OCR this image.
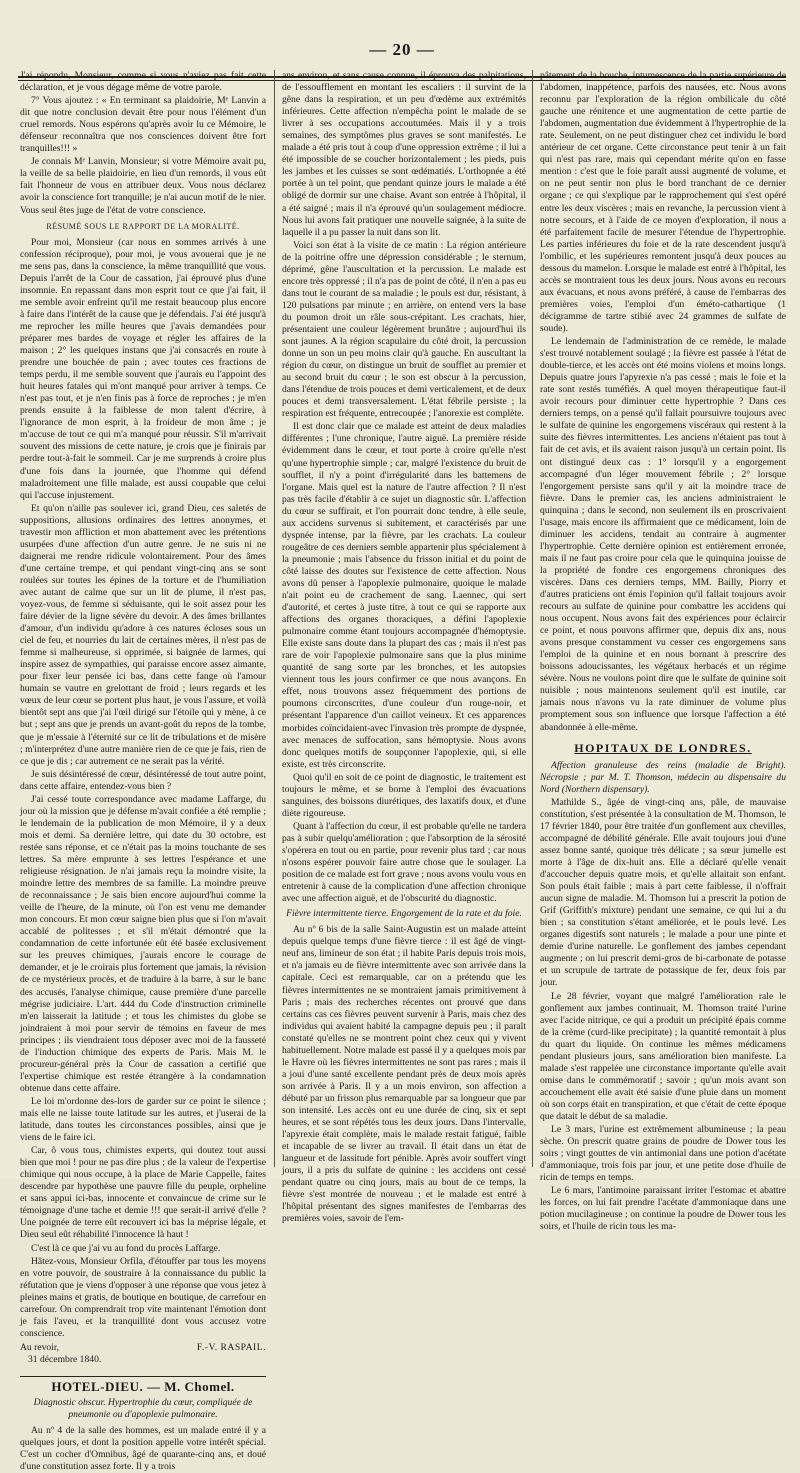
— 20 —

J'ai répondu, Monsieur, comme si vous n'aviez pas fait cette déclaration, et je vous dégage même de votre parole.

7° Vous ajoutez : « En terminant sa plaidoirie, Mᵉ Lanvin a dit que notre conclusion devait être pour nous l'élément d'un cruel remords. Nous espérons qu'après avoir lu ce Mémoire, le défenseur reconnaîtra que nos consciences doivent être fort tranquilles!!! »

Je connais Mᵉ Lanvin, Monsieur; si votre Mémoire avait pu, la veille de sa belle plaidoirie, en lieu d'un remords, il vous eût fait l'honneur de vous en attribuer deux. Vous nous déclarez avoir la conscience fort tranquille; je n'ai aucun motif de le nier. Vous seul êtes juge de l'état de votre conscience.

RÉSUMÉ SOUS LE RAPPORT DE LA MORALITÉ.

Pour moi, Monsieur (car nous en sommes arrivés à une confession réciproque), pour moi, je vous avouerai que je ne me sens pas, dans la conscience, la même tranquillité que vous. Depuis l'arrêt de la Cour de cassation, j'ai éprouvé plus d'une insomnie. En repassant dans mon esprit tout ce que j'ai fait, il me semble avoir enfreint qu'il me restait beaucoup plus encore à faire dans l'intérêt de la cause que je défendais. J'ai été jusqu'à me reprocher les mille heures que j'avais demandées pour préparer mes bardes de voyage et régler les affaires de la maison ; 2° les quelques instans que j'ai consacrés en route à prendre une bouchée de pain ; avec toutes ces fractions de temps perdu, il me semble souvent que j'aurais eu l'appoint des huit heures fatales qui m'ont manqué pour arriver à temps. Ce n'est pas tout, et je n'en finis pas à force de reproches ; je m'en prends ensuite à la faiblesse de mon talent d'écrire, à l'ignorance de mon esprit, à la froideur de mon âme ; je m'accuse de tout ce qui m'a manqué pour réussir. S'il m'arrivait souvent des missions de cette nature, je crois que je finirais par perdre tout-à-fait le sommeil. Car je me surprends à croire plus d'une fois dans la journée, que l'homme qui défend maladroitement une fille malade, est aussi coupable que celui qui l'accuse injustement.

Et qu'on n'aille pas soulever ici, grand Dieu, ces saletés de suppositions, allusions ordinaires des lettres anonymes, et travestir mon affliction et mon abattement avec les prétentions usurpées d'une affection d'un autre genre. Je ne suis ni ne daignerai me rendre ridicule volontairement. Pour des âmes d'une certaine trempe, et qui pendant vingt-cinq ans se sont roulées sur toutes les épines de la torture et de l'humiliation avec autant de calme que sur un lit de plume, il n'est pas, voyez-vous, de femme si séduisante, qui le soit assez pour les faire dévier de la ligne sévère du devoir. A des âmes brillantes d'amour, d'un individu qu'adore à ces natures écloses sous un ciel de feu, et nourries du lait de certaines mères, il n'est pas de femme si malheureuse, si opprimée, si baignée de larmes, qui inspire assez de sympathies, qui paraisse encore assez aimante, pour fixer leur pensée ici bas, dans cette fange où l'amour humain se vautre en grelottant de froid ; leurs regards et les vœux de leur cœur se portent plus haut, je vous l'assure, et voilà bientôt sept ans que j'ai l'œil dirigé sur l'étoile qui y mène, à ce but ; sept ans que je prends un avant-goût du repos de la tombe, que je m'essaie à l'éternité sur ce lit de tribulations et de misère ; m'interprétez d'une autre manière rien de ce que je fais, rien de ce que je dis ; car autrement ce ne serait pas la vérité.

Je suis désintéressé de cœur, désintéressé de tout autre point, dans cette affaire, entendez-vous bien ?

J'ai cessé toute correspondance avec madame Laffarge, du jour où la mission que je défense m'avait confiée a été remplie ; le lendemain de la publication de mon Mémoire, il y a deux mois et demi. Sa dernière lettre, qui date du 30 octobre, est restée sans réponse, et ce n'était pas la moins touchante de ses lettres. Sa mère emprunte à ses lettres l'espérance et une religieuse résignation. Je n'ai jamais reçu la moindre visite, la moindre lettre des membres de sa famille. La moindre preuve de reconnaissance ; Je sais bien encore aujourd'hui comme la veille de l'heure, de la minute, où l'on est venu me demander mon concours. Et mon cœur saigne bien plus que si l'on m'avait accablé de politesses ; et s'il m'était démontré que la condamnation de cette infortunée eût été basée exclusivement sur les preuves chimiques, j'aurais encore le courage de demander, et je le croirais plus fortement que jamais, la révision de ce mystérieux procès, et de traduire à la barre, à sur le banc des accusés, l'analyse chimique, cause première d'une parcelle mégrise judiciaire. L'art. 444 du Code d'instruction criminelle m'en laisserait la latitude ; et tous les chimistes du globe se joindraient à moi pour servir de témoins en faveur de mes principes ; ils viendraient tous déposer avec moi de la fausseté de l'induction chimique des experts de Paris. Mais M. le procureur-général près la Cour de cassation a certifié que l'expertise chimique est restée étrangère à la condamnation obtenue dans cette affaire.

Le loi m'ordonne des-lors de garder sur ce point le silence ; mais elle ne laisse toute latitude sur les autres, et j'userai de la latitude, dans toutes les circonstances possibles, ainsi que je viens de le faire ici.

Car, ô vous tous, chimistes experts, qui doutez tout aussi bien que moi ! pour ne pas dire plus ; de la valeur de l'expertise chimique qui nous occupe, à la place de Marie Cappelle, faites descendre par hypothèse une pauvre fille du peuple, orpheline et sans appui ici-bas, innocente et convaincue de crime sur le témoignage d'une tache et demie !!! que serait-il arrivé d'elle ? Une poignée de terre eût recouvert ici bas la méprise légale, et Dieu seul eût réhabilité l'innocence là haut !

C'est là ce que j'ai vu au fond du procès Laffarge.

Hâtez-vous, Monsieur Orfila, d'étouffer par tous les moyens en votre pouvoir, de soustraire à la connaissance du public la réfutation que je viens d'opposer à une réponse que vous jetez à pleines mains et gratis, de boutique en boutique, de carrefour en carrefour. On comprendrait trop vite maintenant l'émotion dont je fais l'aveu, et la tranquillité dont vous accusez votre conscience.

Au revoir,
31 décembre 1840.
F.-V. RASPAIL.
HOTEL-DIEU. — M. Chomel.
Diagnostic obscur. Hypertrophie du cœur, compliquée de pneumonie ou d'apoplexie pulmonaire.

Au nº 4 de la salle des hommes, est un malade entré il y a quelques jours, et dont la position appelle votre intérêt spécial. C'est un cocher d'Omnibus, âgé de quarante-cinq ans, et doué d'une constitution assez forte. Il y a trois

ans environ, et sans cause connue, il éprouva des palpitations, de l'essoufflement en montant les escaliers : il survint de la gêne dans la respiration, et un peu d'œdème aux extrémités inférieures. Cette affection n'empêcha point le malade de se livrer à ses occupations accoutumées. Mais il y a trois semaines, des symptômes plus graves se sont manifestés. Le malade a été pris tout à coup d'une oppression extrême ; il lui a été impossible de se coucher horizontalement ; les pieds, puis les jambes et les cuisses se sont œdématiés. L'orthopnée a été portée à un tel point, que pendant quinze jours le malade a été obligé de dormir sur une chaise. Avant son entrée à l'hôpital, il a été saigné ; mais il n'a éprouvé qu'un soulagement médiocre. Nous lui avons fait pratiquer une nouvelle saignée, à la suite de laquelle il a pu passer la nuit dans son lit.

Voici son état à la visite de ce matin : La région antérieure de la poitrine offre une dépression considérable ; le sternum, déprimé, gêne l'auscultation et la percussion. Le malade est encore très oppressé ; il n'a pas de point de côté, il n'en a pas eu dans tout le courant de sa maladie ; le pouls est dur, résistant, à 120 pulsations par minute ; en arrière, on entend vers la base du poumon droit un râle sous-crépitant. Les crachats, hier, présentaient une couleur légèrement brunâtre ; aujourd'hui ils sont jaunes. A la région scapulaire du côté droit, la percussion donne un son un peu moins clair qu'à gauche. En auscultant la région du cœur, on distingue un bruit de soufflet au premier et au second bruit du cœur ; le son est obscur à la percussion, dans l'étendue de trois pouces et demi verticalement, et de deux pouces et demi transversalement. L'état fébrile persiste ; la respiration est fréquente, entrecoupée ; l'anorexie est complète.

Il est donc clair que ce malade est atteint de deux maladies différentes ; l'une chronique, l'autre aiguë. La première réside évidemment dans le cœur, et tout porte à croire qu'elle n'est qu'une hypertrophie simple ; car, malgré l'existence du bruit de soufflet, il n'y a point d'irrégularité dans les battemens de l'organe. Mais quel est la nature de l'autre affection ? Il n'est pas très facile d'établir à ce sujet un diagnostic sûr. L'affection du cœur se suffirait, et l'on pourrait donc tendre, à elle seule, aux accidens survenus si subitement, et caractérisés par une dyspnée intense, par la fièvre, par les crachats. La couleur rougeâtre de ces derniers semble appartenir plus spécialement à la pneumonie ; mais l'absence du frisson initial et du point de côté laisse des doutes sur l'existence de cette affection. Nous avons dû penser à l'apoplexie pulmonaire, quoique le malade n'ait point eu de crachement de sang. Laennec, qui sert d'autorité, et certes à juste titre, à tout ce qui se rapporte aux affections des organes thoraciques, a défini l'apoplexie pulmonaire comme étant toujours accompagnée d'hémoptysie. Elle existe sans doute dans la plupart des cas ; mais il n'est pas rare de voir l'apoplexie pulmonaire sans que la plus minime quantité de sang sorte par les bronches, et les autopsies viennent tous les jours confirmer ce que nous avançons. En effet, nous trouvons assez fréquemment des portions de poumons circonscrites, d'une couleur d'un rouge-noir, et présentant l'apparence d'un caillot veineux. Et ces apparences morbides coïncidaient-avec l'invasion très prompte de dyspnée, avec menaces de suffocation, sans hémoptysie. Nous avons donc quelques motifs de soupçonner l'apoplexie, qui, si elle existe, est très circonscrite.

Quoi qu'il en soit de ce point de diagnostic, le traitement est toujours le même, et se borne à l'emploi des évacuations sanguines, des boissons diurétiques, des laxatifs doux, et d'une diète rigoureuse.

Quant à l'affection du cœur, il est probable qu'elle ne tardera pas à subir quelqu'amélioration ; que l'absorption de la sérosité s'opérera en tout ou en partie, pour revenir plus tard ; car nous n'osons espérer pouvoir faire autre chose que le soulager. La position de ce malade est fort grave ; nous avons voulu vous en entretenir à cause de la complication d'une affection chronique avec une affection aiguë, et de l'obscurité du diagnostic.

Fièvre intermittente tierce. Engorgement de la rate et du foie.

Au nº 6 bis de la salle Saint-Augustin est un malade atteint depuis quelque temps d'une fièvre tierce : il est âgé de vingt-neuf ans, limineur de son état ; il habite Paris depuis trois mois, et n'a jamais eu de fièvre intermittente avec son arrivée dans la capitale. Ceci est remarquable, car on a prétendu que les fièvres intermittentes ne se montraient jamais primitivement à Paris ; mais des recherches récentes ont prouvé que dans certains cas ces fièvres peuvent survenir à Paris, mais chez des individus qui avaient habité la campagne depuis peu ; il paraît constaté qu'elles ne se montrent point chez ceux qui y vivent habituellement. Notre malade est passé il y a quelques mois par le Havre où les fièvres intermittentes ne sont pas rares ; mais il a joui d'une santé excellente pendant près de deux mois après son arrivée à Paris. Il y a un mois environ, son affection a débuté par un frisson plus remarquable par sa longueur que par son intensité. Les accès ont eu une durée de cinq, six et sept heures, et se sont répétés tous les deux jours. Dans l'intervalle, l'apyrexie était complète, mais le malade restait fatigué, faible et incapable de se livrer au travail. Il était dans un état de langueur et de lassitude fort pénible. Après avoir souffert vingt jours, il a pris du sulfate de quinine : les accidens ont cessé pendant quatre ou cinq jours, mais au bout de ce temps, la fièvre s'est montrée de nouveau ; et le malade est entré à l'hôpital présentant des signes manifestes de l'embarras des premières voies, savoir de l'em-

pâtement de la bouche, intumescence de la partie supérieure de l'abdomen, inappétence, parfois des nausées, etc. Nous avons reconnu par l'exploration de la région ombilicale du côté gauche une rénitence et une augmentation de cette partie de l'abdomen, augmentation due évidemment à l'hypertrophie de la rate. Seulement, on ne peut distinguer chez cet individu le bord antérieur de cet organe. Cette circonstance peut tenir à un fait qui n'est pas rare, mais qui cependant mérite qu'on en fasse mention : c'est que le foie paraît aussi augmenté de volume, et on ne peut sentir non plus le bord tranchant de ce dernier organe ; ce qui s'explique par le rapprochement qui s'est opéré entre les deux viscères ; mais en revanche, la percussion vient à notre secours, et à l'aide de ce moyen d'exploration, il nous a été parfaitement facile de mesurer l'étendue de l'hypertrophie. Les parties inférieures du foie et de la rate descendent jusqu'à l'ombilic, et les supérieures remontent jusqu'à deux pouces au dessous du mamelon. Lorsque le malade est entré à l'hôpital, les accès se montraient tous les deux jours. Nous avons eu recours aux évacuans, et nous avons préféré, à cause de l'embarras des premières voies, l'emploi d'un éméto-cathartique (1 décigramme de tartre stibié avec 24 grammes de sulfate de soude).

Le lendemain de l'administration de ce remède, le malade s'est trouvé notablement soulagé ; la fièvre est passée à l'état de double-tierce, et les accès ont été moins violens et moins longs. Depuis quatre jours l'apyrexie n'a pas cessé ; mais le foie et la rate sont restés tuméfiés. A quel moyen thérapeutique faut-il avoir recours pour diminuer cette hypertrophie ? Dans ces derniers temps, on a pensé qu'il fallait poursuivre toujours avec le sulfate de quinine les engorgemens viscéraux qui restent à la suite des fièvres intermittentes. Les anciens n'étaient pas tout à fait de cet avis, et ils avaient raison jusqu'à un certain point. Ils ont distingué deux cas : 1° lorsqu'il y a engorgement accompagné d'un léger mouvement fébrile ; 2° lorsque l'engorgement persiste sans qu'il y ait la moindre trace de fièvre. Dans le premier cas, les anciens administraient le quinquina ; dans le second, non seulement ils en proscrivaient l'usage, mais encore ils affirmaient que ce médicament, loin de diminuer les accidens, tendait au contraire à augmenter l'hypertrophie. Cette dernière opinion est entièrement erronée, mais il ne faut pas croire pour cela que le quinquina jouisse de la propriété de fondre ces engorgemens chroniques des viscères. Dans ces derniers temps, MM. Bailly, Piorry et d'autres praticiens ont émis l'opinion qu'il fallait toujours avoir recours au sulfate de quinine pour combattre les accidens qui nous occupent. Nous avons fait des expériences pour éclaircir ce point, et nous pouvons affirmer que, depuis dix ans, nous avons presque constamment vu cesser ces engorgemens sans l'emploi de la quinine et en nous bornant à prescrire des boissons adoucissantes, les végétaux herbacés et un régime sévère. Nous ne voulons point dire que le sulfate de quinine soit nuisible ; nous maintenons seulement qu'il est inutile, car jamais nous n'avons vu la rate diminuer de volume plus promptement sous son influence que lorsque l'affection a été abandonnée à elle-même.

HOPITAUX DE LONDRES.

Affection granuleuse des reins (maladie de Bright). Nécropsie ; par M. T. Thomson, médecin au dispensaire du Nord (Northern dispensary).

Mathilde S., âgée de vingt-cinq ans, pâle, de mauvaise constitution, s'est présentée à la consultation de M. Thomson, le 17 février 1840, pour être traitée d'un gonflement aux chevilles, accompagné de débilité générale. Elle avait toujours joui d'une assez bonne santé, quoique très délicate ; sa sœur jumelle est morte à l'âge de dix-huit ans. Elle a déclaré qu'elle venait d'accoucher depuis quatre mois, et qu'elle allaitait son enfant. Son pouls était faible ; mais à part cette faiblesse, il n'offrait aucun signe de maladie. M. Thomson lui a prescrit la potion de Grif (Griffith's mixture) pendant une semaine, ce qui lui a du bien ; sa constitution s'étant améliorée, et le pouls levé. Les organes digestifs sont naturels ; le malade a pour une pinte et demie d'urine naturelle. Le gonflement des jambes cependant augmente ; on lui prescrit demi-gros de bi-carbonate de potasse et un scrupule de tartrate de potassique de fer, deux fois par jour.

Le 28 février, voyant que malgré l'amélioration rale le gonflement aux jambes continuait, M. Thomson traité l'urine avec l'acide nitrique, ce qui a produit un précipité épais comme de la crème (curd-like precipitate) ; la quantité remontait à plus du quart du liquide. On continue les mêmes médicamens pendant plusieurs jours, sans amélioration bien manifeste. La malade s'est rappelée une circonstance importante qu'elle avait omise dans le commémoratif ; savoir ; qu'un mois avant son accouchement elle avait été saisie d'une pluie dans un moment où son corps était en transpiration, et que c'était de cette époque que datait le début de sa maladie.

Le 3 mars, l'urine est extrêmement albumineuse ; la peau sèche. On prescrit quatre grains de poudre de Dower tous les soirs ; vingt gouttes de vin antimonial dans une potion d'acétate d'ammoniaque, trois fois par jour, et une petite dose d'huile de ricin de temps en temps.

Le 6 mars, l'antimoine paraissant irriter l'estomac et abattre les forces, on lui fait prendre l'acétate d'ammoniaque dans une potion mucilagineuse ; on continue la poudre de Dower tous les soirs, et l'huile de ricin tous les ma-
